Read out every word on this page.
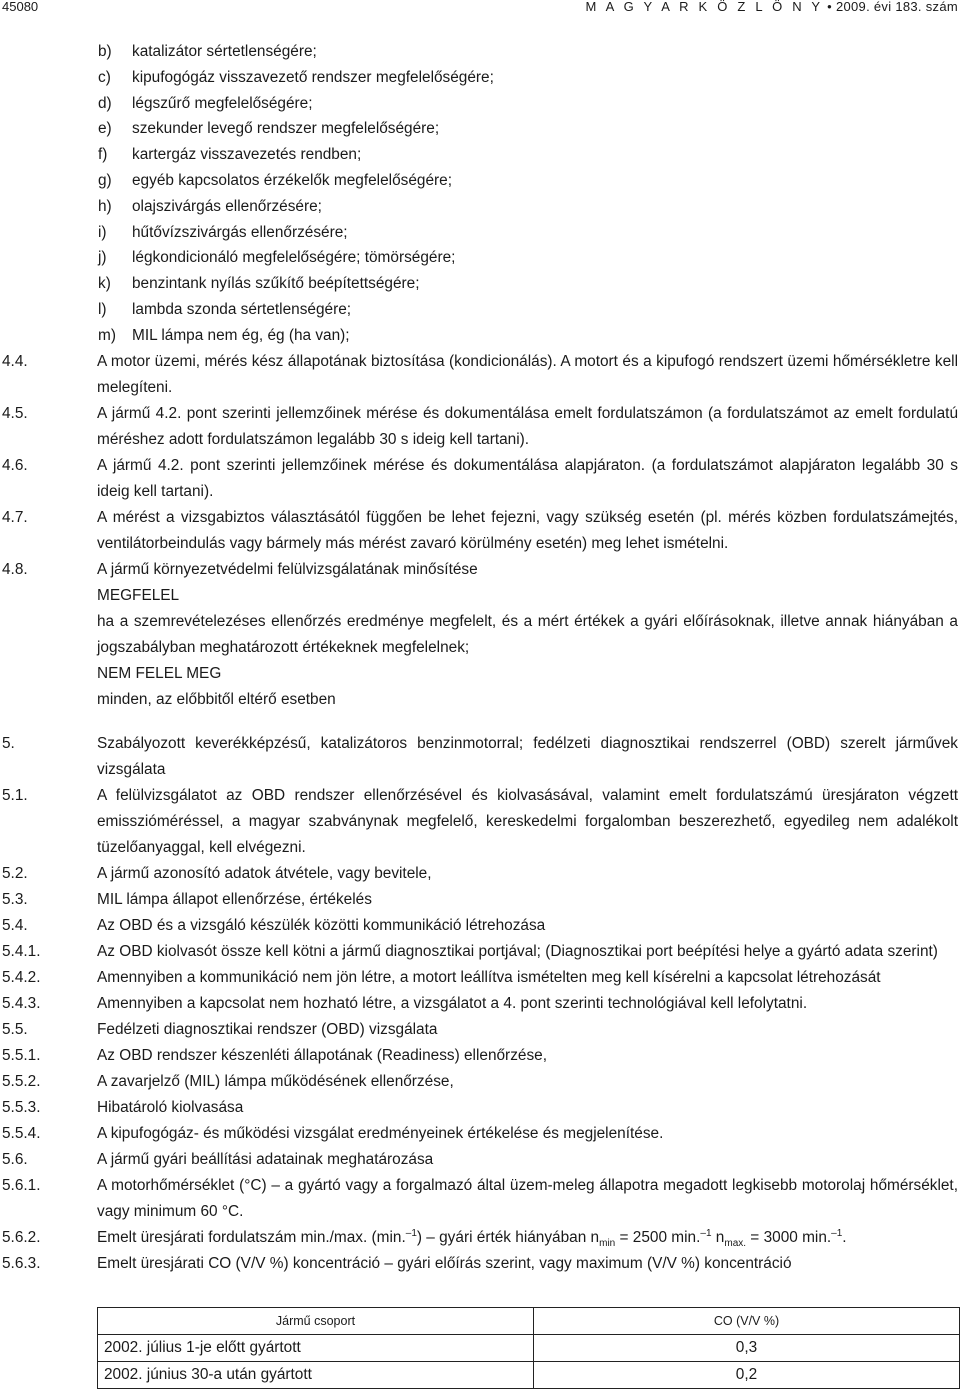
45080	M A G Y A R K Ö Z L Ö N Y • 2009. évi 183. szám
b) katalizátor sértetlenségére;
c) kipufogógáz visszavezető rendszer megfelelőségére;
d) légszűrő megfelelőségére;
e) szekunder levegő rendszer megfelelőségére;
f) kartergáz visszavezetés rendben;
g) egyéb kapcsolatos érzékelők megfelelőségére;
h) olajszivárgás ellenőrzésére;
i) hűtővízszivárgás ellenőrzésére;
j) légkondicionáló megfelelőségére; tömörségére;
k) benzintank nyílás szűkítő beépítettségére;
l) lambda szonda sértetlenségére;
m) MIL lámpa nem ég, ég (ha van);
4.4.	A motor üzemi, mérés kész állapotának biztosítása (kondicionálás). A motort és a kipufogó rendszert üzemi hőmérsékletre kell melegíteni.
4.5.	A jármű 4.2. pont szerinti jellemzőinek mérése és dokumentálása emelt fordulatszámon (a fordulatszámot az emelt fordulatú méréshez adott fordulatszámon legalább 30 s ideig kell tartani).
4.6.	A jármű 4.2. pont szerinti jellemzőinek mérése és dokumentálása alapjáraton. (a fordulatszámot alapjáraton legalább 30 s ideig kell tartani).
4.7.	A mérést a vizsgabiztos választásától függően be lehet fejezni, vagy szükség esetén (pl. mérés közben fordulatszámejtés, ventilátorbeindulás vagy bármely más mérést zavaró körülmény esetén) meg lehet ismételni.
4.8.	A jármű környezetvédelmi felülvizsgálatának minősítése
MEGFELEL
ha a szemrevételezéses ellenőrzés eredménye megfelelt, és a mért értékek a gyári előírásoknak, illetve annak hiányában a jogszabályban meghatározott értékeknek megfelelnek;
NEM FELEL MEG
minden, az előbbitől eltérő esetben
5.	Szabályozott keverékképzésű, katalizátoros benzinmotorral; fedélzeti diagnosztikai rendszerrel (OBD) szerelt járművek vizsgálata
5.1.	A felülvizsgálatot az OBD rendszer ellenőrzésével és kiolvasásával, valamint emelt fordulatszámú üresjáraton végzett emisszióméréssel, a magyar szabványnak megfelelő, kereskedelmi forgalomban beszerezhető, egyedileg nem adalékolt tüzelőanyaggal, kell elvégezni.
5.2.	A jármű azonosító adatok átvétele, vagy bevitele,
5.3.	MIL lámpa állapot ellenőrzése, értékelés
5.4.	Az OBD és a vizsgáló készülék közötti kommunikáció létrehozása
5.4.1.	Az OBD kiolvasót össze kell kötni a jármű diagnosztikai portjával; (Diagnosztikai port beépítési helye a gyártó adata szerint)
5.4.2.	Amennyiben a kommunikáció nem jön létre, a motort leállítva ismételten meg kell kísérelni a kapcsolat létrehozását
5.4.3.	Amennyiben a kapcsolat nem hozható létre, a vizsgálatot a 4. pont szerinti technológiával kell lefolytatni.
5.5.	Fedélzeti diagnosztikai rendszer (OBD) vizsgálata
5.5.1.	Az OBD rendszer készenléti állapotának (Readiness) ellenőrzése,
5.5.2.	A zavarjelző (MIL) lámpa működésének ellenőrzése,
5.5.3.	Hibatároló kiolvasása
5.5.4.	A kipufogógáz- és működési vizsgálat eredményeinek értékelése és megjelenítése.
5.6.	A jármű gyári beállítási adatainak meghatározása
5.6.1.	A motorhőmérséklet (°C) – a gyártó vagy a forgalmazó által üzem-meleg állapotra megadott legkisebb motorolaj hőmérséklet, vagy minimum 60 °C.
5.6.2.	Emelt üresjárati fordulatszám min./max. (min.$^{-1}$) – gyári érték hiányában $n_{min} = 2500$ min.$^{-1}$ $n_{max.} = 3000$ min.$^{-1}$.
5.6.3.	Emelt üresjárati CO (V/V %) koncentráció – gyári előírás szerint, vagy maximum (V/V %) koncentráció
Jármű csoport	CO (V/V %)
2002. július 1-je előtt gyártott	0,3
2002. június 30-a után gyártott	0,2
